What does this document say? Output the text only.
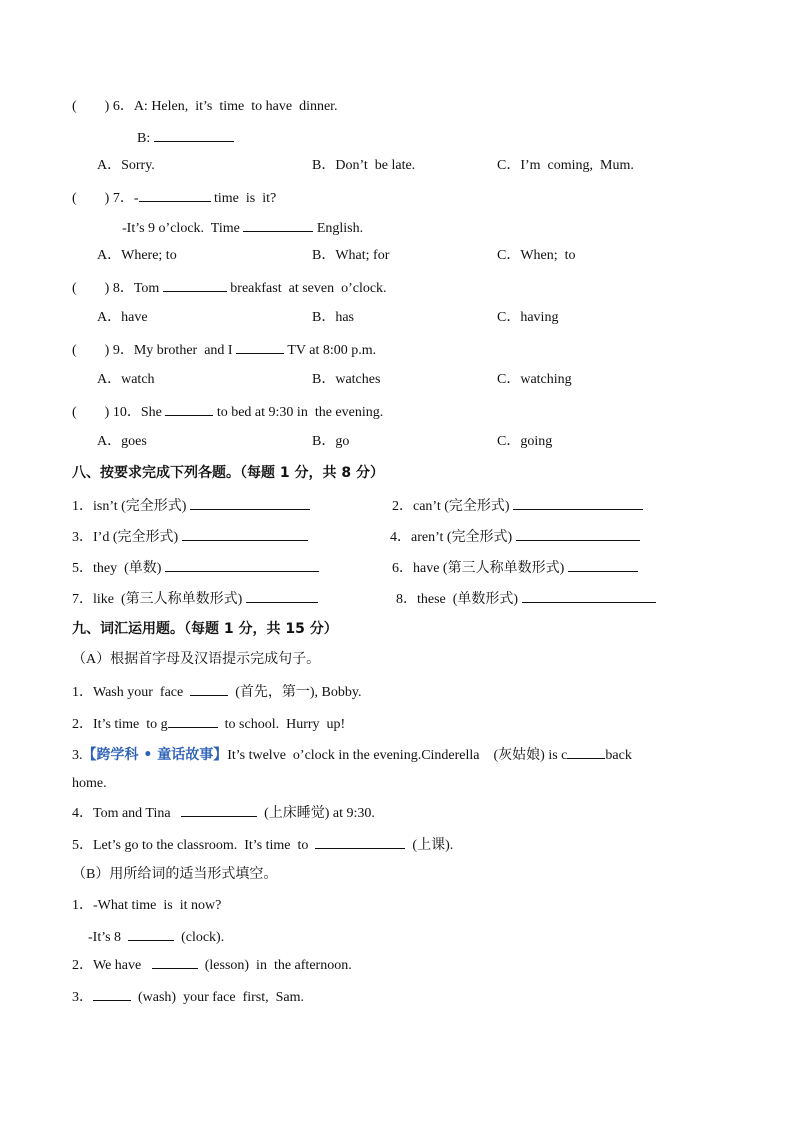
(        ) 6．A: Helen,  it’s  time  to have  dinner.
B:
A．Sorry.	B．Don’t  be late.	C．I’m  coming,  Mum.
(        ) 7．-	time  is  it?
-It’s 9 o’clock.  Time	English.
A．Where; to	B．What; for	C．When;  to
(        ) 8．Tom	breakfast  at seven  o’clock.
A．have	B．has	C．having
(        ) 9．My brother  and I	TV at 8:00 p.m.
A．watch	B．watches	C．watching
(        ) 10．She	to bed at 9:30 in  the evening.
A．goes	B．go	C．going
八、按要求完成下列各题。（每题 1 分，共 8 分）
1．isn’t (完全形式)	2．can’t (完全形式)
3．I’d (完全形式)	4．aren’t (完全形式)
5．they  (单数)	6．have (第三人称单数形式)
7．like  (第三人称单数形式)	8．these  (单数形式)
九、词汇运用题。（每题 1 分，共 15 分）
（A）根据首字母及汉语提示完成句子。
1．Wash your  face	(首先，第一), Bobby.
2．It’s time  to g	to school.  Hurry  up!
3.【跨学科 • 童话故事】It’s twelve  o’clock in the evening.Cinderella    (灰姑娘) is c	back
home.
4．Tom and Tina	(上床睡觉) at 9:30.
5．Let’s go to the classroom.  It’s time  to	(上课).
（B）用所给词的适当形式填空。
1．-What time  is  it now?
-It’s 8	(clock).
2．We have	(lesson)  in  the afternoon.
3．	(wash)  your face  first,  Sam.
